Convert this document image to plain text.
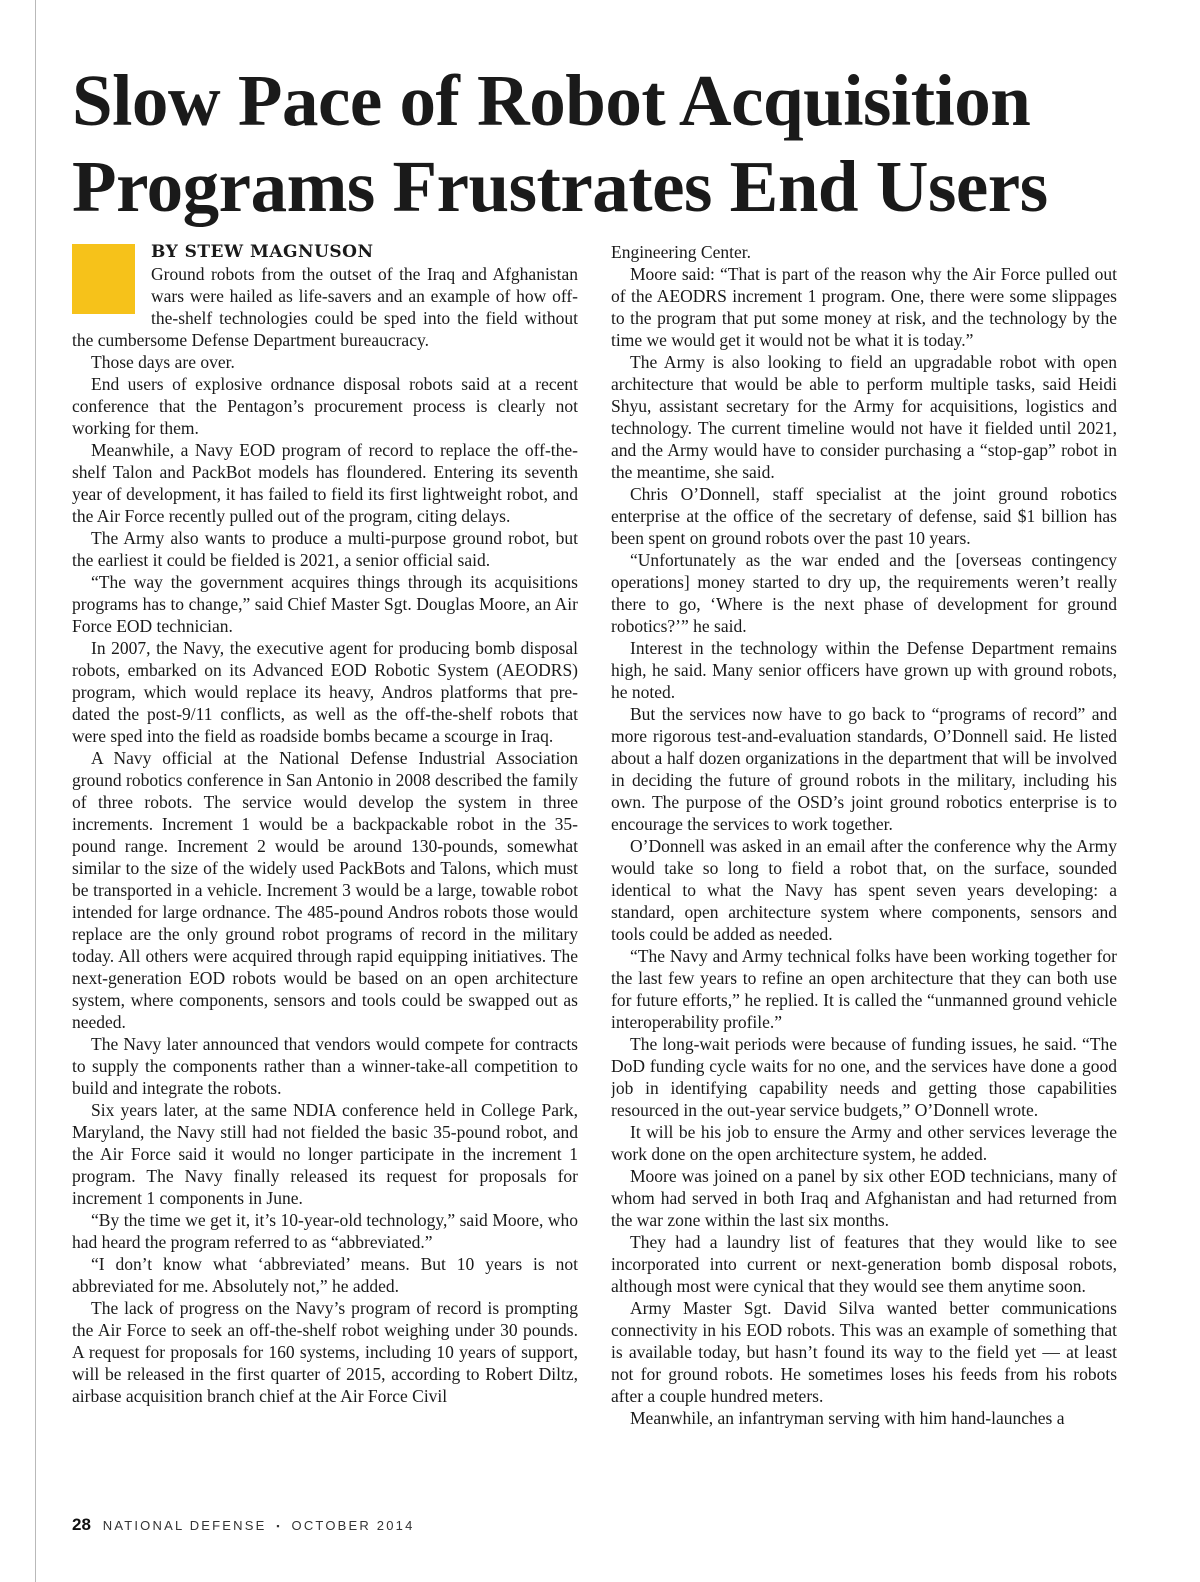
Slow Pace of Robot Acquisition Programs Frustrates End Users
BY STEW MAGNUSON

Ground robots from the outset of the Iraq and Afghanistan wars were hailed as life-savers and an example of how off-the-shelf technologies could be sped into the field without the cumbersome Defense Department bureaucracy.

Those days are over.

End users of explosive ordnance disposal robots said at a recent conference that the Pentagon’s procurement process is clearly not working for them.

Meanwhile, a Navy EOD program of record to replace the off-the-shelf Talon and PackBot models has floundered. Entering its seventh year of development, it has failed to field its first lightweight robot, and the Air Force recently pulled out of the program, citing delays.

The Army also wants to produce a multi-purpose ground robot, but the earliest it could be fielded is 2021, a senior official said.

“The way the government acquires things through its acquisitions programs has to change,” said Chief Master Sgt. Douglas Moore, an Air Force EOD technician.

In 2007, the Navy, the executive agent for producing bomb disposal robots, embarked on its Advanced EOD Robotic System (AEODRS) program, which would replace its heavy, Andros platforms that pre-dated the post-9/11 conflicts, as well as the off-the-shelf robots that were sped into the field as roadside bombs became a scourge in Iraq.

A Navy official at the National Defense Industrial Association ground robotics conference in San Antonio in 2008 described the family of three robots. The service would develop the system in three increments. Increment 1 would be a backpackable robot in the 35-pound range. Increment 2 would be around 130-pounds, somewhat similar to the size of the widely used PackBots and Talons, which must be transported in a vehicle. Increment 3 would be a large, towable robot intended for large ordnance. The 485-pound Andros robots those would replace are the only ground robot programs of record in the military today. All others were acquired through rapid equipping initiatives. The next-generation EOD robots would be based on an open architecture system, where components, sensors and tools could be swapped out as needed.

The Navy later announced that vendors would compete for contracts to supply the components rather than a winner-take-all competition to build and integrate the robots.

Six years later, at the same NDIA conference held in College Park, Maryland, the Navy still had not fielded the basic 35-pound robot, and the Air Force said it would no longer participate in the increment 1 program. The Navy finally released its request for proposals for increment 1 components in June.

“By the time we get it, it’s 10-year-old technology,” said Moore, who had heard the program referred to as “abbreviated.”

“I don’t know what ‘abbreviated’ means. But 10 years is not abbreviated for me. Absolutely not,” he added.

The lack of progress on the Navy’s program of record is prompting the Air Force to seek an off-the-shelf robot weighing under 30 pounds. A request for proposals for 160 systems, including 10 years of support, will be released in the first quarter of 2015, according to Robert Diltz, airbase acquisition branch chief at the Air Force Civil

Engineering Center.

Moore said: “That is part of the reason why the Air Force pulled out of the AEODRS increment 1 program. One, there were some slippages to the program that put some money at risk, and the technology by the time we would get it would not be what it is today.”

The Army is also looking to field an upgradable robot with open architecture that would be able to perform multiple tasks, said Heidi Shyu, assistant secretary for the Army for acquisitions, logistics and technology. The current timeline would not have it fielded until 2021, and the Army would have to consider purchasing a “stop-gap” robot in the meantime, she said.

Chris O’Donnell, staff specialist at the joint ground robotics enterprise at the office of the secretary of defense, said $1 billion has been spent on ground robots over the past 10 years.

“Unfortunately as the war ended and the [overseas contingency operations] money started to dry up, the requirements weren’t really there to go, ‘Where is the next phase of development for ground robotics?’” he said.

Interest in the technology within the Defense Department remains high, he said. Many senior officers have grown up with ground robots, he noted.

But the services now have to go back to “programs of record” and more rigorous test-and-evaluation standards, O’Donnell said. He listed about a half dozen organizations in the department that will be involved in deciding the future of ground robots in the military, including his own. The purpose of the OSD’s joint ground robotics enterprise is to encourage the services to work together.

O’Donnell was asked in an email after the conference why the Army would take so long to field a robot that, on the surface, sounded identical to what the Navy has spent seven years developing: a standard, open architecture system where components, sensors and tools could be added as needed.

“The Navy and Army technical folks have been working together for the last few years to refine an open architecture that they can both use for future efforts,” he replied. It is called the “unmanned ground vehicle interoperability profile.”

The long-wait periods were because of funding issues, he said. “The DoD funding cycle waits for no one, and the services have done a good job in identifying capability needs and getting those capabilities resourced in the out-year service budgets,” O’Donnell wrote.

It will be his job to ensure the Army and other services leverage the work done on the open architecture system, he added.

Moore was joined on a panel by six other EOD technicians, many of whom had served in both Iraq and Afghanistan and had returned from the war zone within the last six months.

They had a laundry list of features that they would like to see incorporated into current or next-generation bomb disposal robots, although most were cynical that they would see them anytime soon.

Army Master Sgt. David Silva wanted better communications connectivity in his EOD robots. This was an example of something that is available today, but hasn’t found its way to the field yet — at least not for ground robots. He sometimes loses his feeds from his robots after a couple hundred meters.

Meanwhile, an infantryman serving with him hand-launches a

28 NATIONAL DEFENSE ▪ OCTOBER 2014
